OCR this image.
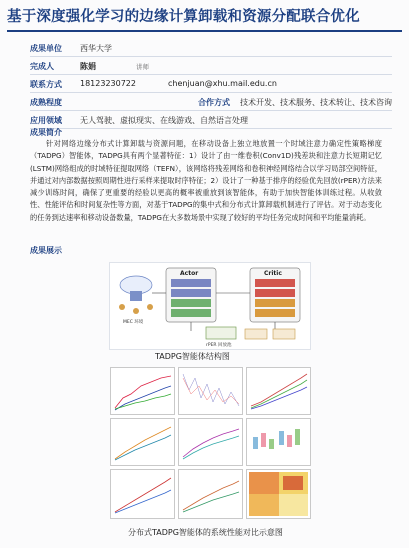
基于深度强化学习的边缘计算卸载和资源分配联合优化
成果单位 西华大学
完成人	陈娟	讲师
联系方式 18123230722	chenjuan@xhu.mail.edu.cn
成熟程度	合作方式 技术开发、技术服务、技术转让、技术咨询
应用领域 无人驾驶、虚拟现实、在线游戏、自然语言处理
成果简介
针对网络边缘分布式计算卸载与资源问题，在移动设备上独立地放置一个时域注意力确定性策略梯度（TADPG）智能体，TADPG具有两个显著特征：1）设计了由一维卷积(Conv1D)残差块和注意力长短期记忆(LSTM)网络组成的时域特征提取网络（TEFN），该网络将残差网络和卷积神经网络结合以学习局部空间特征，并通过对内部数据按照周期性进行采样来提取时序特征；2）设计了一种基于排序的经验优先回放(rPER)方法来减少训练时间，确保了更重要的经验以更高的概率被重放到该智能体，有助于加快智能体训练过程。从收敛性、性能评估和时间复杂性等方面，对基于TADPG的集中式和分布式计算卸载机制进行了评估。对于动态变化的任务到达速率和移动设备数量，TADPG在大多数场景中实现了较好的平均任务完成时间和平均能量消耗。
成果展示
MEC 环境
Actor	Critic
rPER 回放池
TADPG智能体结构图
分布式TADPG智能体的系统性能对比示意图
